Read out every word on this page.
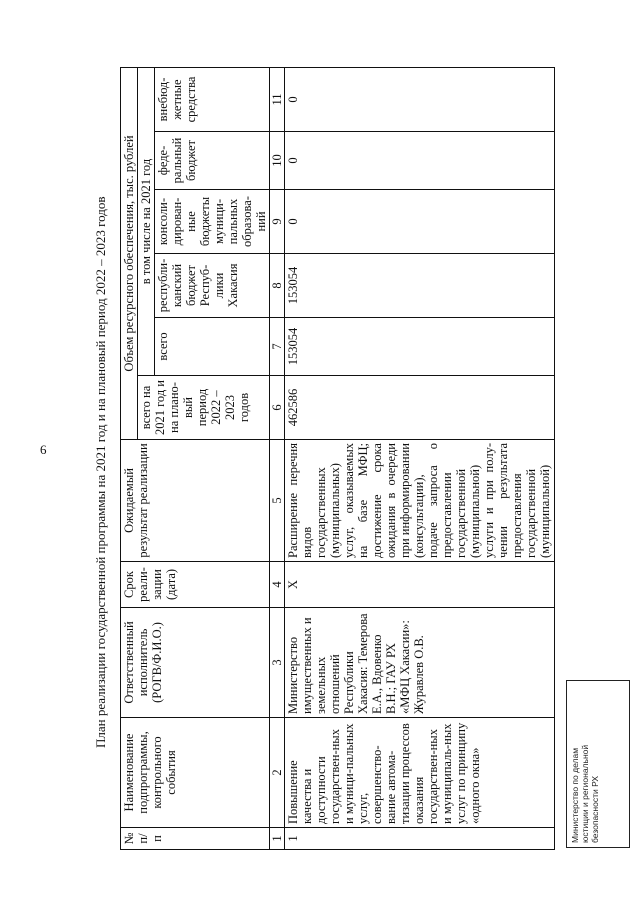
6	План реализации государственной программы на 2021 год и на плановый период 2022 – 2023 годов
№ п/п	Наименование подпрограммы, контрольного события	Ответственный исполнитель (РОГВ/Ф.И.О.)	Срок реали-зации (дата)	Ожидаемый результат реализации	Объем ресурсного обеспечения, тыс. рублей					
					всего на 2021 год и на плано-вый период 2022 – 2023 годов	в том числе на 2021 год				
						всего	республи-канский бюджет Респуб-лики Хакасия	консоли-дирован-ные бюджеты муници-пальных образова-ний	феде-ральный бюджет	внебюд-жетные средства
1	2	3	4	5	6	7	8	9	10	11
1	Повышение качества и доступности государствен-ных и муници-пальных услуг, совершенство-вание автома-тизации процессов оказания государствен-ных и муниципаль-ных услуг по принципу «одного окна»	Министерство имущественных и земельных отношений Республики Хакасия: Темерова Е.А., Вдовенко В.Н.; ГАУ РХ «МФЦ Хакасии»: Журавлев О.В.	Х	Расширение перечня видов государственных (муниципальных) услуг, оказываемых на базе МФЦ; достижение срока ожидания в очереди при информировании (консультации), подаче запроса о предоставлении государственной (муниципальной) услуги и при полу-чении результата предоставления государственной (муниципальной)	462586	153054	153054	0	0	0
Министерство по делам юстиции и региональной безопасности РХ
